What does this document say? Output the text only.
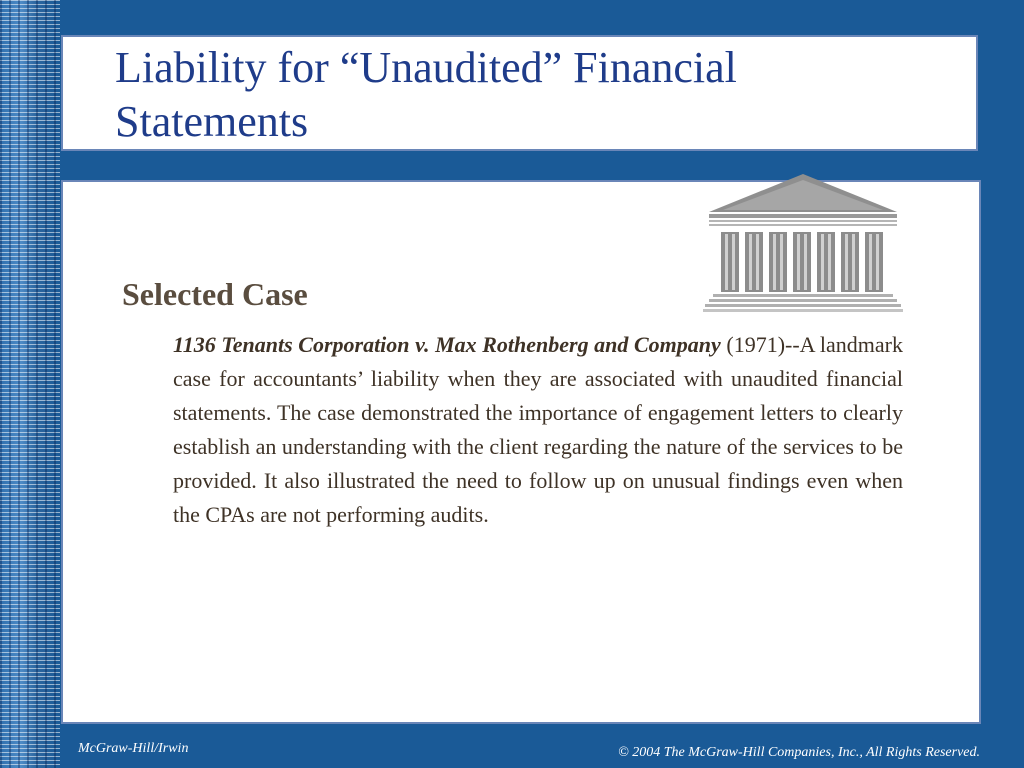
Liability for “Unaudited” Financial Statements
Selected Case

1136 Tenants Corporation v. Max Rothenberg and Company (1971)--A landmark case for accountants’ liability when they are associated with unaudited financial statements. The case demonstrated the importance of engagement letters to clearly establish an understanding with the client regarding the nature of the services to be provided. It also illustrated the need to follow up on unusual findings even when the CPAs are not performing audits.

McGraw-Hill/Irwin	© 2004 The McGraw-Hill Companies, Inc., All Rights Reserved.
